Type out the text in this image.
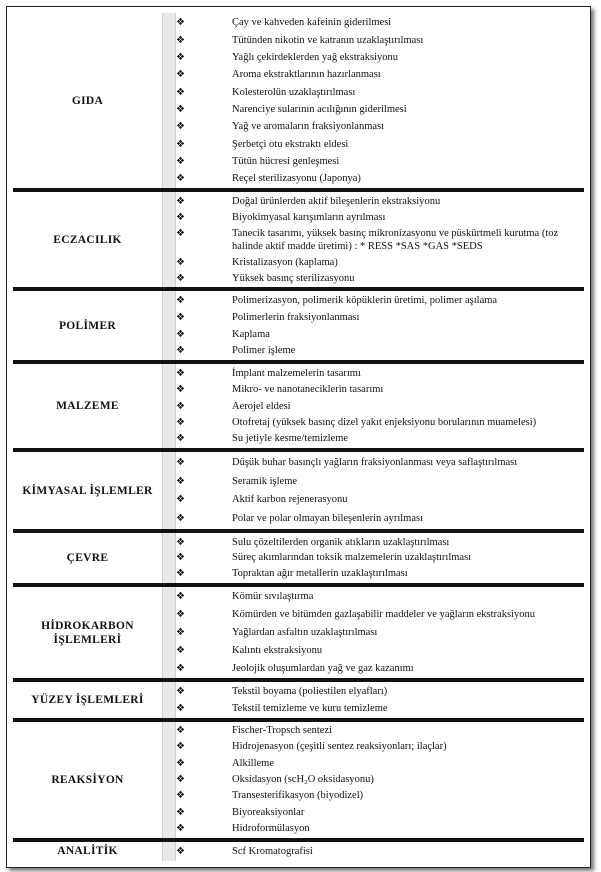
GIDA
❖	Çay ve kahveden kafeinin giderilmesi
❖	Tütünden nikotin ve katranın uzaklaştırılması
❖	Yağlı çekirdeklerden yağ ekstraksiyonu
❖	Aroma ekstraktlarının hazırlanması
❖	Kolesterolün uzaklaştırılması
❖	Narenciye sularının acılığının giderilmesi
❖	Yağ ve aromaların fraksiyonlanması
❖	Şerbetçi otu ekstraktı eldesi
❖	Tütün hücresi genleşmesi
❖	Reçel sterilizasyonu (Japonya)
ECZACILIK
❖	Doğal ürünlerden aktif bileşenlerin ekstraksiyonu
❖	Biyokimyasal karışımların ayrılması
❖	Tanecik tasarımı, yüksek basınç mikronizasyonu ve püskürtmeli kurutma (toz halinde aktif madde üretimi) : * RESS *SAS *GAS *SEDS
❖	Kristalizasyon (kaplama)
❖	Yüksek basınç sterilizasyonu
POLİMER
❖	Polimerizasyon, polimerik köpüklerin üretimi, polimer aşılama
❖	Polimerlerin fraksiyonlanması
❖	Kaplama
❖	Polimer işleme
MALZEME
❖	İmplant malzemelerin tasarımı
❖	Mikro- ve nanotaneciklerin tasarımı
❖	Aerojel eldesi
❖	Otofretaj (yüksek basınç dizel yakıt enjeksiyonu borularının muamelesi)
❖	Su jetiyle kesme/temizleme
KİMYASAL İŞLEMLER
❖	Düşük buhar basınçlı yağların fraksiyonlanması veya saflaştırılması
❖	Seramik işleme
❖	Aktif karbon rejenerasyonu
❖	Polar ve polar olmayan bileşenlerin ayrılması
ÇEVRE
❖	Sulu çözeltilerden organik atıkların uzaklaştırılması
❖	Süreç akımlarından toksik malzemelerin uzaklaştırılması
❖	Topraktan ağır metallerin uzaklaştırılması
HİDROKARBON İŞLEMLERİ
❖	Kömür sıvılaştırma
❖	Kömürden ve bitümden gazlaşabilir maddeler ve yağların ekstraksiyonu
❖	Yağlardan asfaltın uzaklaştırılması
❖	Kalıntı ekstraksiyonu
❖	Jeolojik oluşumlardan yağ ve gaz kazanımı
YÜZEY İŞLEMLERİ
❖	Tekstil boyama (poliestilen elyafları)
❖	Tekstil temizleme ve kuru temizleme
REAKSİYON
❖	Fischer-Tropsch sentezi
❖	Hidrojenasyon (çeşitli sentez reaksiyonları; ilaçlar)
❖	Alkilleme
❖	Oksidasyon (scH₂O oksidasyonu)
❖	Transesterifikasyon (biyodizel)
❖	Biyoreaksiyonlar
❖	Hidroformülasyon
ANALİTİK	❖	Scf Kromatografisi
